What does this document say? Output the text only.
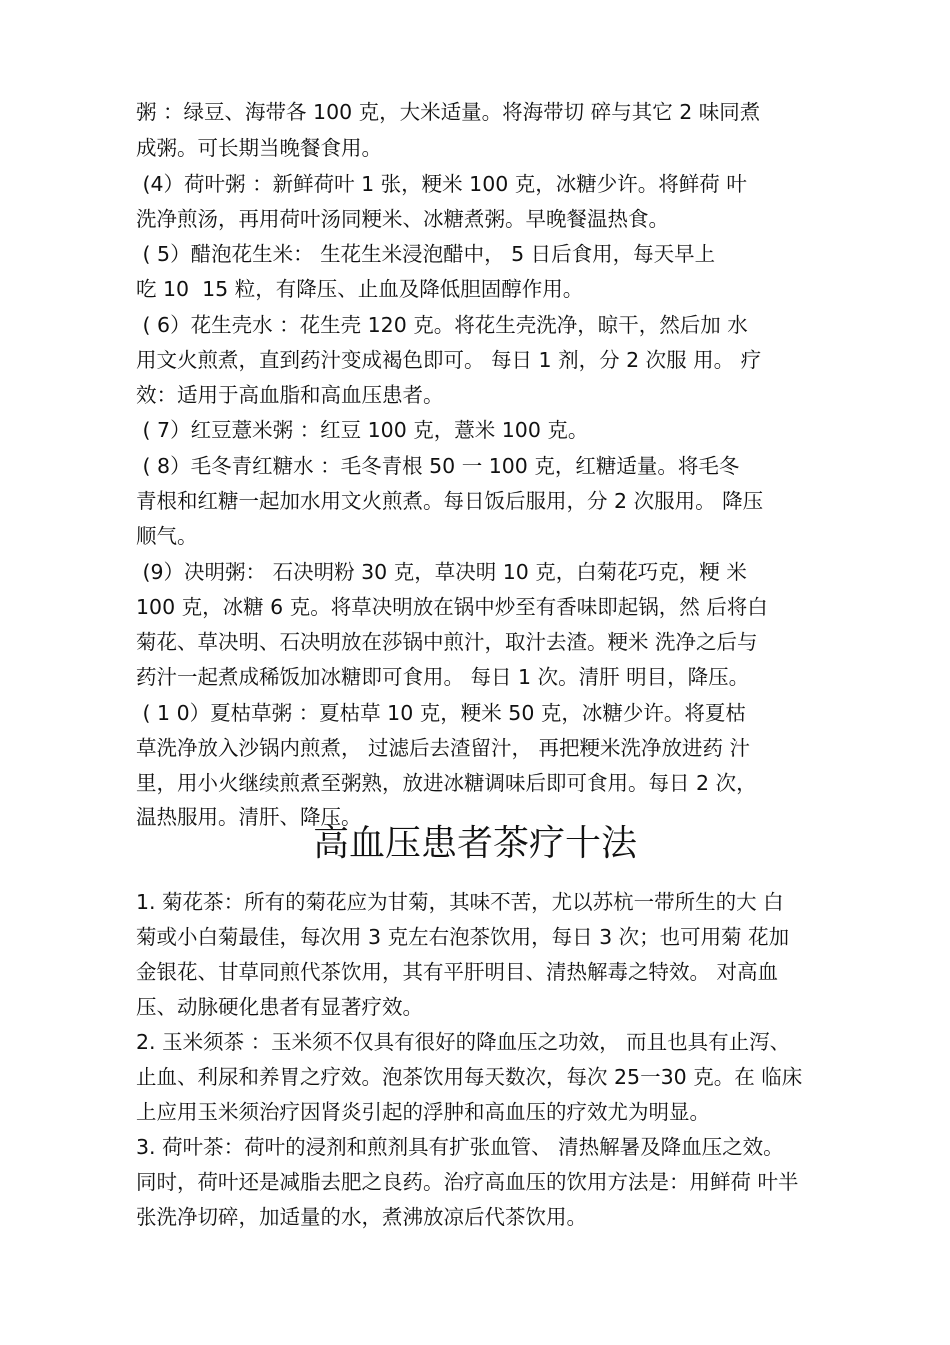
粥 ：绿豆、海带各 100 克，大米适量。将海带切 碎与其它 2 味同煮

成粥。可长期当晚餐食用。

(4）荷叶粥 ：新鲜荷叶 1 张，粳米 100 克，冰糖少许。将鲜荷 叶

洗净煎汤，再用荷叶汤同粳米、冰糖煮粥。早晚餐温热食。

( 5）醋泡花生米： 生花生米浸泡醋中， 5 日后食用，每天早上

吃 10  15 粒，有降压、止血及降低胆固醇作用。

( 6）花生壳水 ：花生壳 120 克。将花生壳洗净，晾干，然后加 水

用文火煎煮，直到药汁变成褐色即可。 每日 1 剂，分 2 次服 用。 疗

效：适用于高血脂和高血压患者。

( 7）红豆薏米粥 ：红豆 100 克，薏米 100 克。

( 8）毛冬青红糖水 ：毛冬青根 50 一 100 克，红糖适量。将毛冬

青根和红糖一起加水用文火煎煮。每日饭后服用，分 2 次服用。 降压

顺气。

(9）决明粥： 石决明粉 30 克，草决明 10 克，白菊花巧克，粳 米

100 克，冰糖 6 克。将草决明放在锅中炒至有香味即起锅，然 后将白

菊花、草决明、石决明放在莎锅中煎汁，取汁去渣。粳米 洗净之后与

药汁一起煮成稀饭加冰糖即可食用。 每日 1 次。清肝 明目，降压。

( 1 0）夏枯草粥 ：夏枯草 10 克，粳米 50 克，冰糖少许。将夏枯

草洗净放入沙锅内煎煮， 过滤后去渣留汁， 再把粳米洗净放进药 汁

里，用小火继续煎煮至粥熟，放进冰糖调味后即可食用。每日 2 次，

温热服用。清肝、降压。

高血压患者茶疗十法

1. 菊花茶：所有的菊花应为甘菊，其味不苦，尤以苏杭一带所生的大 白

菊或小白菊最佳，每次用 3 克左右泡茶饮用，每日 3 次；也可用菊 花加

金银花、甘草同煎代茶饮用，其有平肝明目、清热解毒之特效。 对高血

压、动脉硬化患者有显著疗效。

2. 玉米须茶 ：玉米须不仅具有很好的降血压之功效， 而且也具有止泻、

止血、利尿和养胃之疗效。泡茶饮用每天数次，每次 25一30 克。在 临床

上应用玉米须治疗因肾炎引起的浮肿和高血压的疗效尤为明显。

3. 荷叶茶：荷叶的浸剂和煎剂具有扩张血管、 清热解暑及降血压之效。

同时，荷叶还是减脂去肥之良药。治疗高血压的饮用方法是：用鲜荷 叶半

张洗净切碎，加适量的水，煮沸放凉后代茶饮用。
